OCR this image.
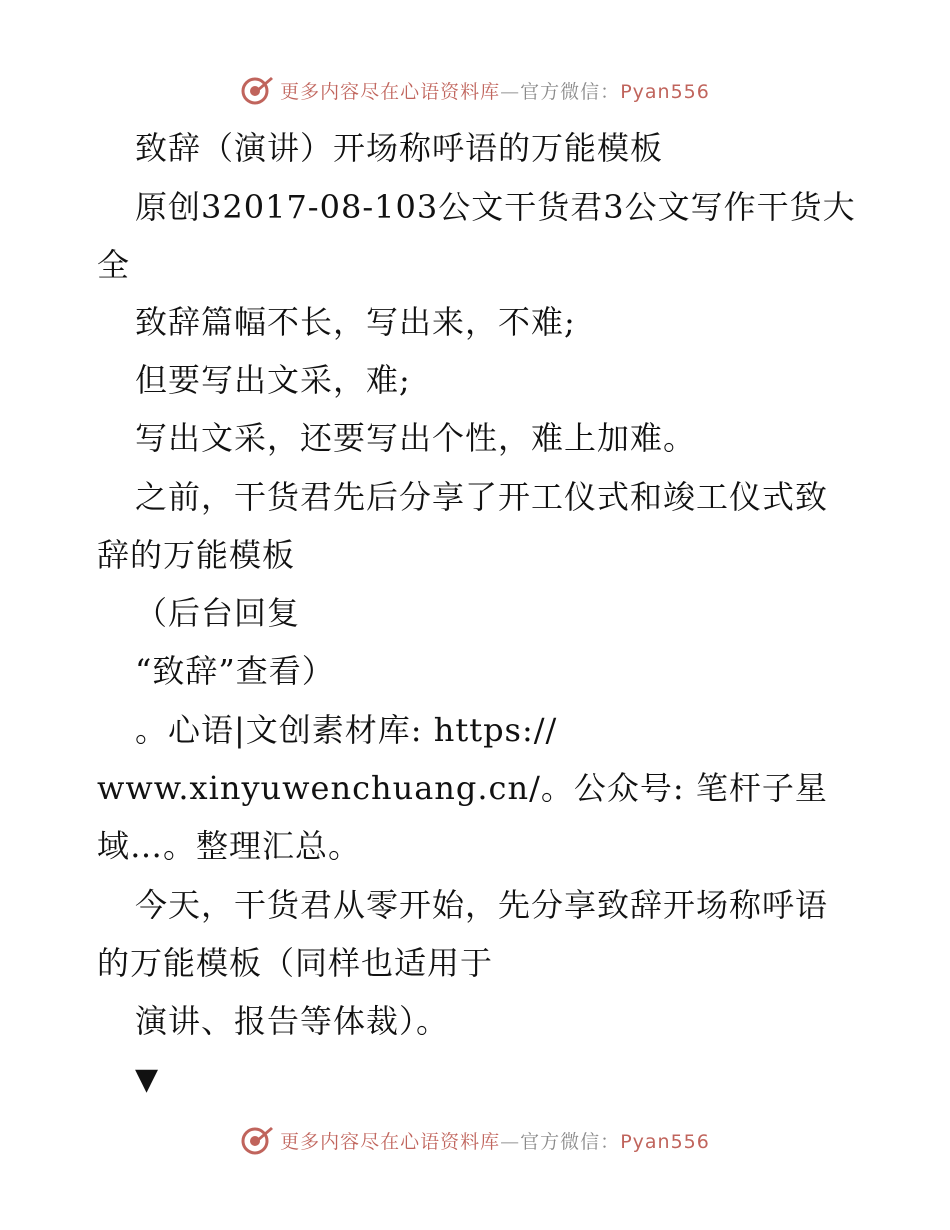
更多内容尽在心语资料库—官方微信：Pyan556
致辞（演讲）开场称呼语的万能模板
原创32017-08-103公文干货君3公文写作干货大
全
致辞篇幅不长，写出来，不难;
但要写出文采，难;
写出文采，还要写出个性，难上加难。
之前，干货君先后分享了开工仪式和竣工仪式致
辞的万能模板
（后台回复
“致辞”查看）
。心语|文创素材库: https://
www.xinyuwenchuang.cn/。公众号: 笔杆子星
域…。整理汇总。
今天，干货君从零开始，先分享致辞开场称呼语
的万能模板（同样也适用于
演讲、报告等体裁）。
▼
更多内容尽在心语资料库—官方微信：Pyan556
